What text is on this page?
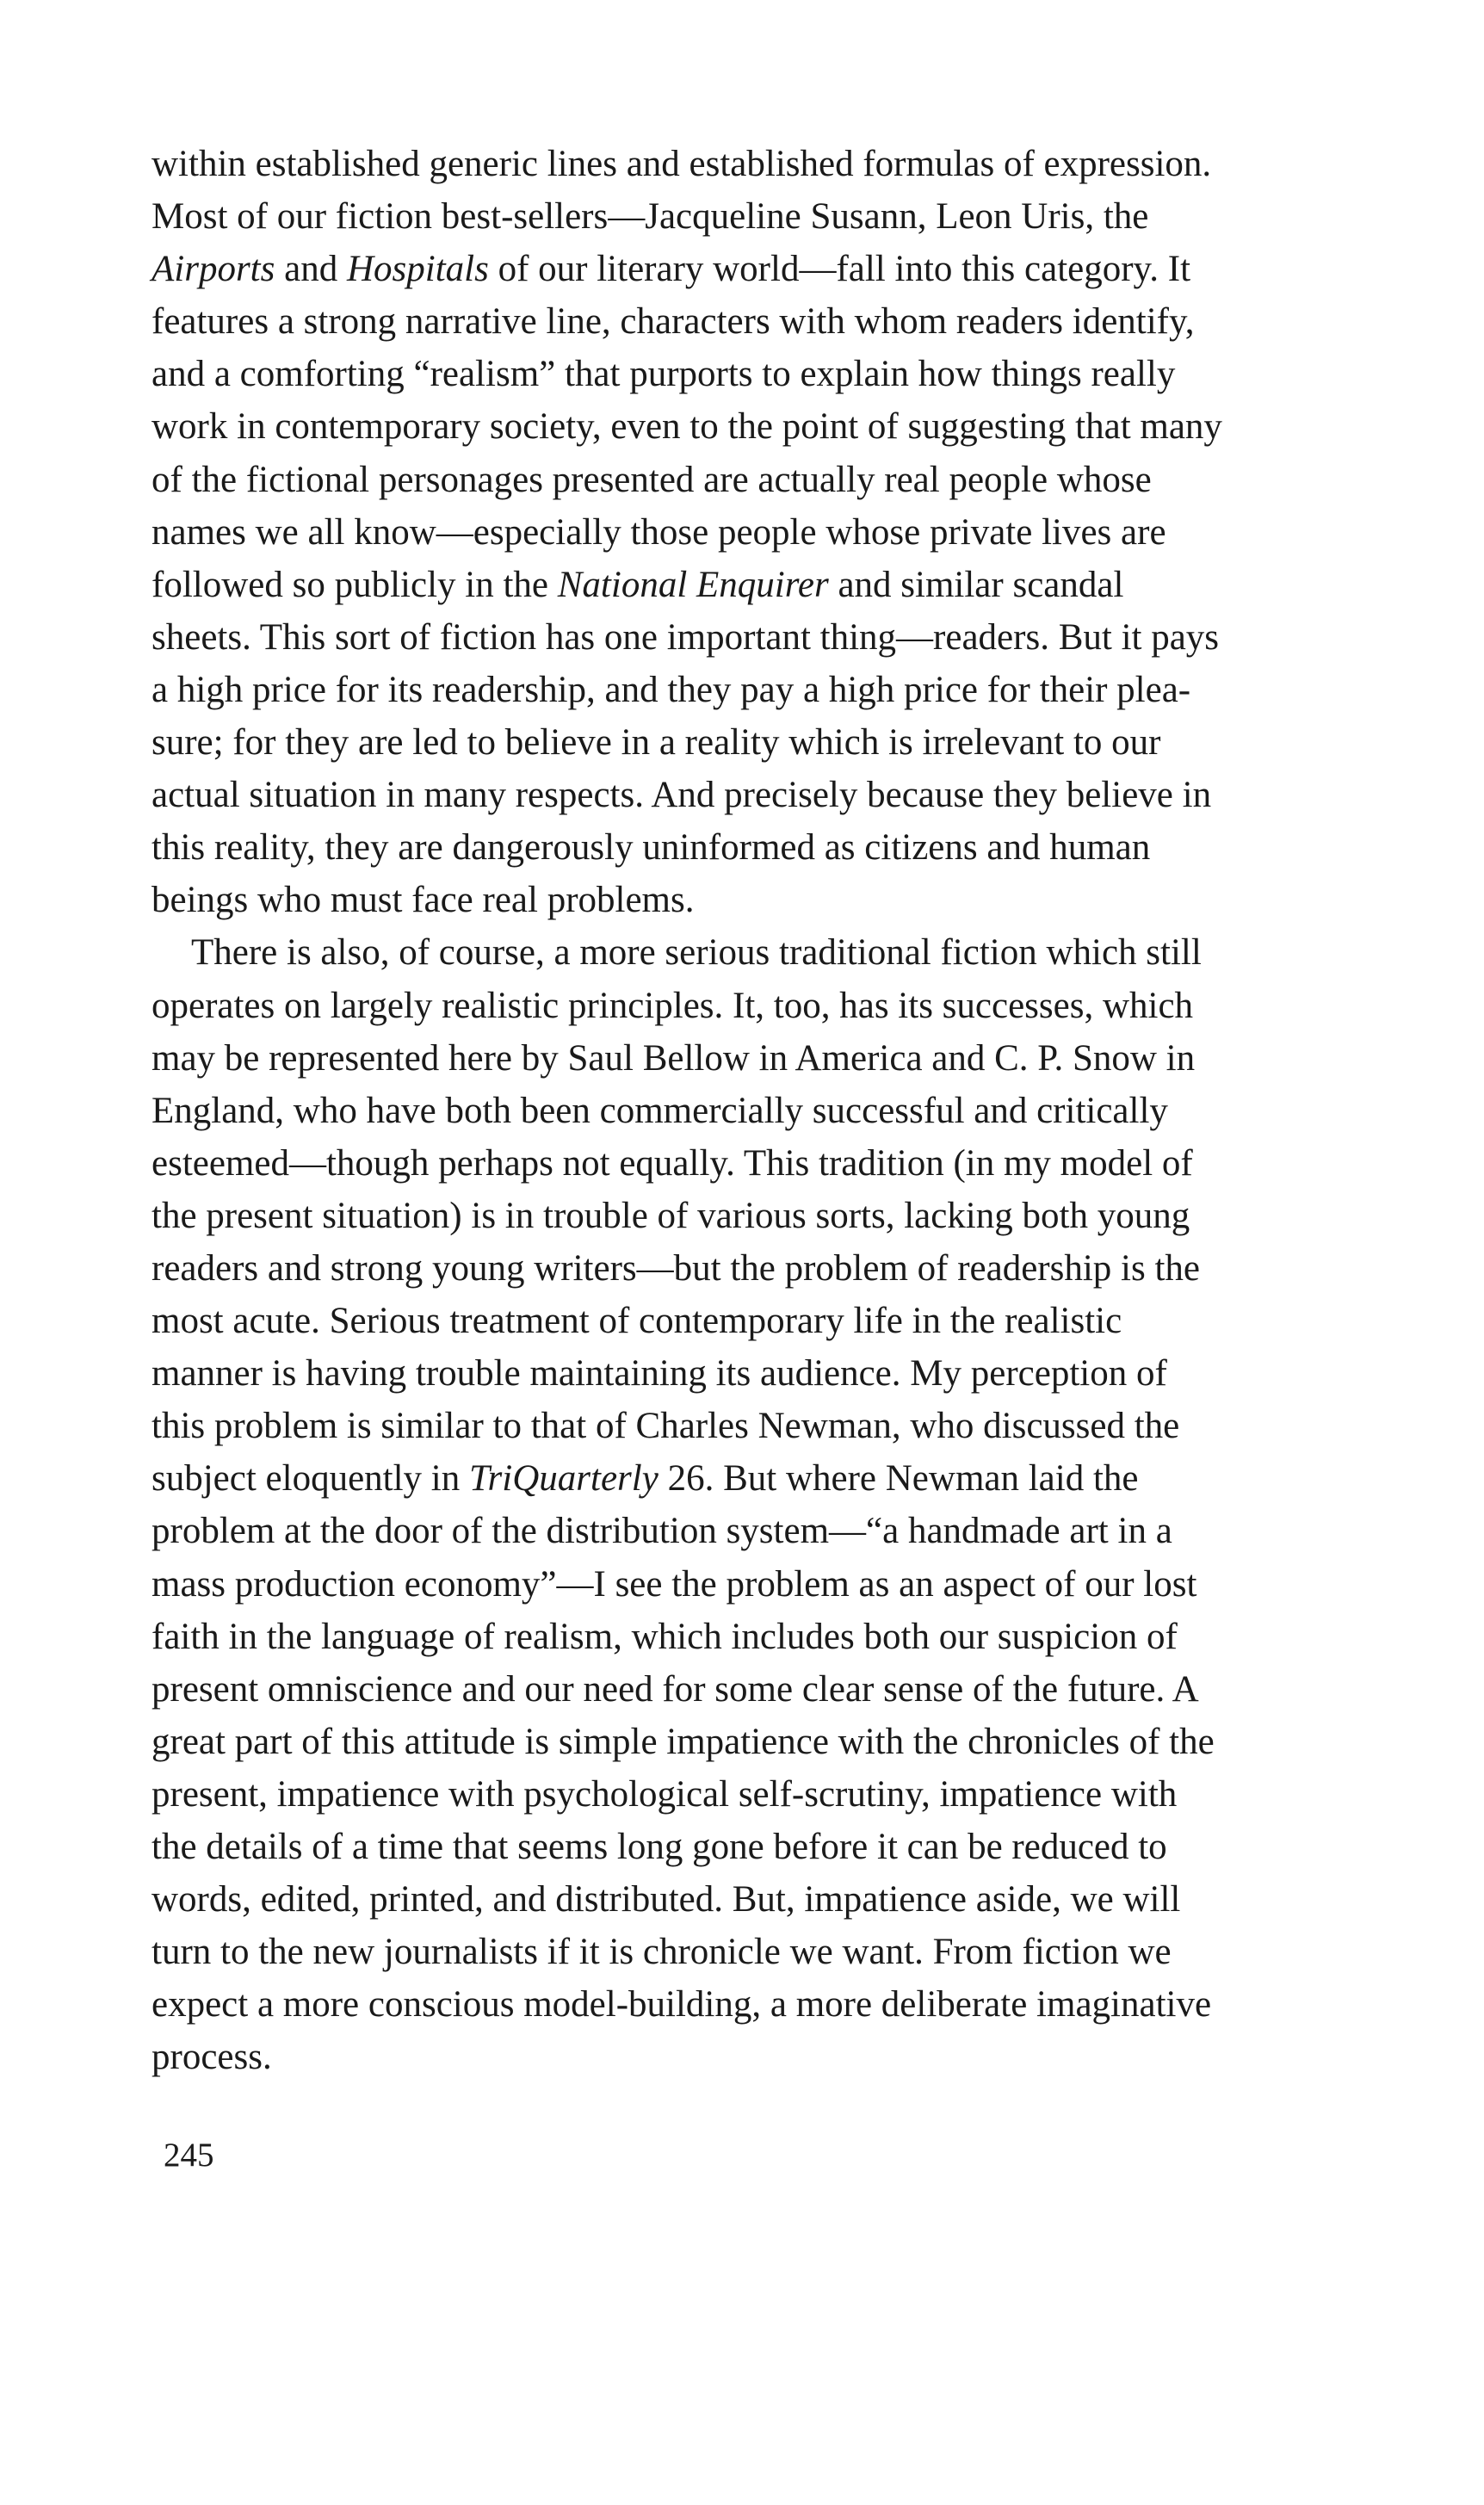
within established generic lines and established formulas of expression.
Most of our fiction best-sellers—Jacqueline Susann, Leon Uris, the
Airports and Hospitals of our literary world—fall into this category. It
features a strong narrative line, characters with whom readers identify,
and a comforting “realism” that purports to explain how things really
work in contemporary society, even to the point of suggesting that many
of the fictional personages presented are actually real people whose
names we all know—especially those people whose private lives are
followed so publicly in the National Enquirer and similar scandal
sheets. This sort of fiction has one important thing—readers. But it pays
a high price for its readership, and they pay a high price for their plea-
sure; for they are led to believe in a reality which is irrelevant to our
actual situation in many respects. And precisely because they believe in
this reality, they are dangerously uninformed as citizens and human
beings who must face real problems.
There is also, of course, a more serious traditional fiction which still
operates on largely realistic principles. It, too, has its successes, which
may be represented here by Saul Bellow in America and C. P. Snow in
England, who have both been commercially successful and critically
esteemed—though perhaps not equally. This tradition (in my model of
the present situation) is in trouble of various sorts, lacking both young
readers and strong young writers—but the problem of readership is the
most acute. Serious treatment of contemporary life in the realistic
manner is having trouble maintaining its audience. My perception of
this problem is similar to that of Charles Newman, who discussed the
subject eloquently in TriQuarterly 26. But where Newman laid the
problem at the door of the distribution system—“a handmade art in a
mass production economy”—I see the problem as an aspect of our lost
faith in the language of realism, which includes both our suspicion of
present omniscience and our need for some clear sense of the future. A
great part of this attitude is simple impatience with the chronicles of the
present, impatience with psychological self-scrutiny, impatience with
the details of a time that seems long gone before it can be reduced to
words, edited, printed, and distributed. But, impatience aside, we will
turn to the new journalists if it is chronicle we want. From fiction we
expect a more conscious model-building, a more deliberate imaginative
process.
245
